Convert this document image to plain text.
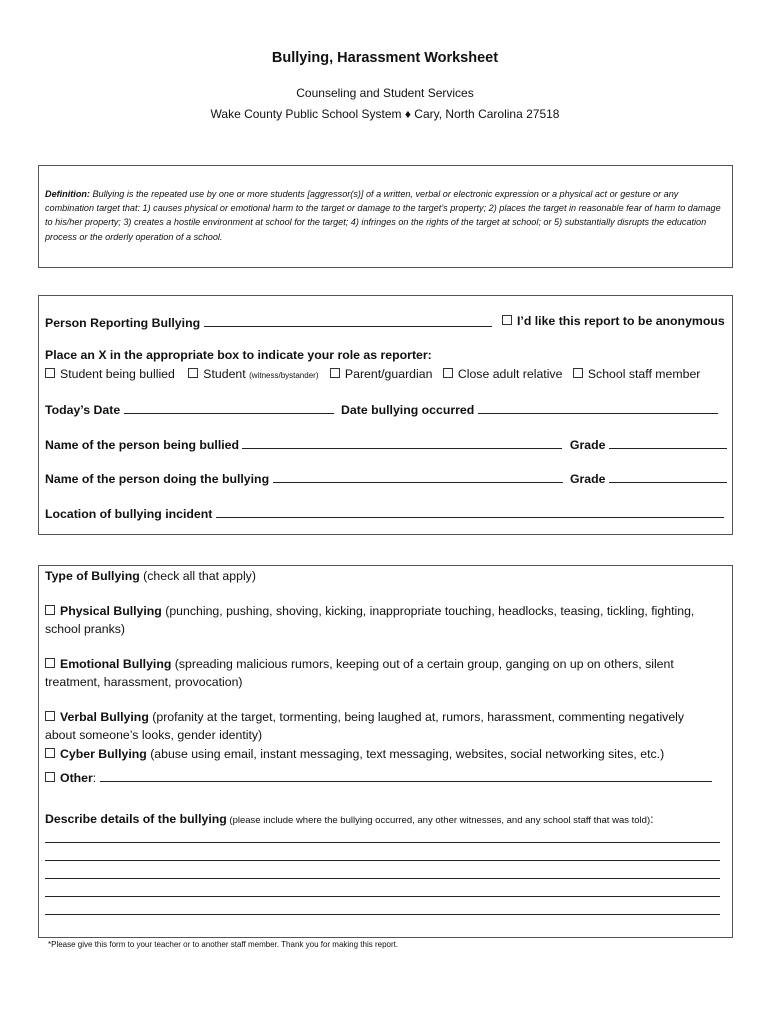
Bullying, Harassment Worksheet
Counseling and Student Services
Wake County Public School System ♦ Cary, North Carolina 27518
Definition: Bullying is the repeated use by one or more students [aggressor(s)] of a written, verbal or electronic expression or a physical act or gesture or any combination target that: 1) causes physical or emotional harm to the target or damage to the target’s property; 2) places the target in reasonable fear of harm to damage to his/her property; 3) creates a hostile environment at school for the target; 4) infringes on the rights of the target at school; or 5) substantially disrupts the education process or the orderly operation of a school.
Person Reporting Bullying	I’d like this report to be anonymous
Place an X in the appropriate box to indicate your role as reporter:
Student being bullied Student (witness/bystander) Parent/guardian Close adult relative School staff member
Today’s Date	Date bullying occurred
Name of the person being bullied	Grade
Name of the person doing the bullying	Grade
Location of bullying incident
Type of Bullying (check all that apply)
Physical Bullying (punching, pushing, shoving, kicking, inappropriate touching, headlocks, teasing, tickling, fighting, school pranks)
Emotional Bullying (spreading malicious rumors, keeping out of a certain group, ganging on up on others, silent treatment, harassment, provocation)
Verbal Bullying (profanity at the target, tormenting, being laughed at, rumors, harassment, commenting negatively about someone’s looks, gender identity)
Cyber Bullying (abuse using email, instant messaging, text messaging, websites, social networking sites, etc.)
Other:
Describe details of the bullying (please include where the bullying occurred, any other witnesses, and any school staff that was told):
*Please give this form to your teacher or to another staff member. Thank you for making this report.
